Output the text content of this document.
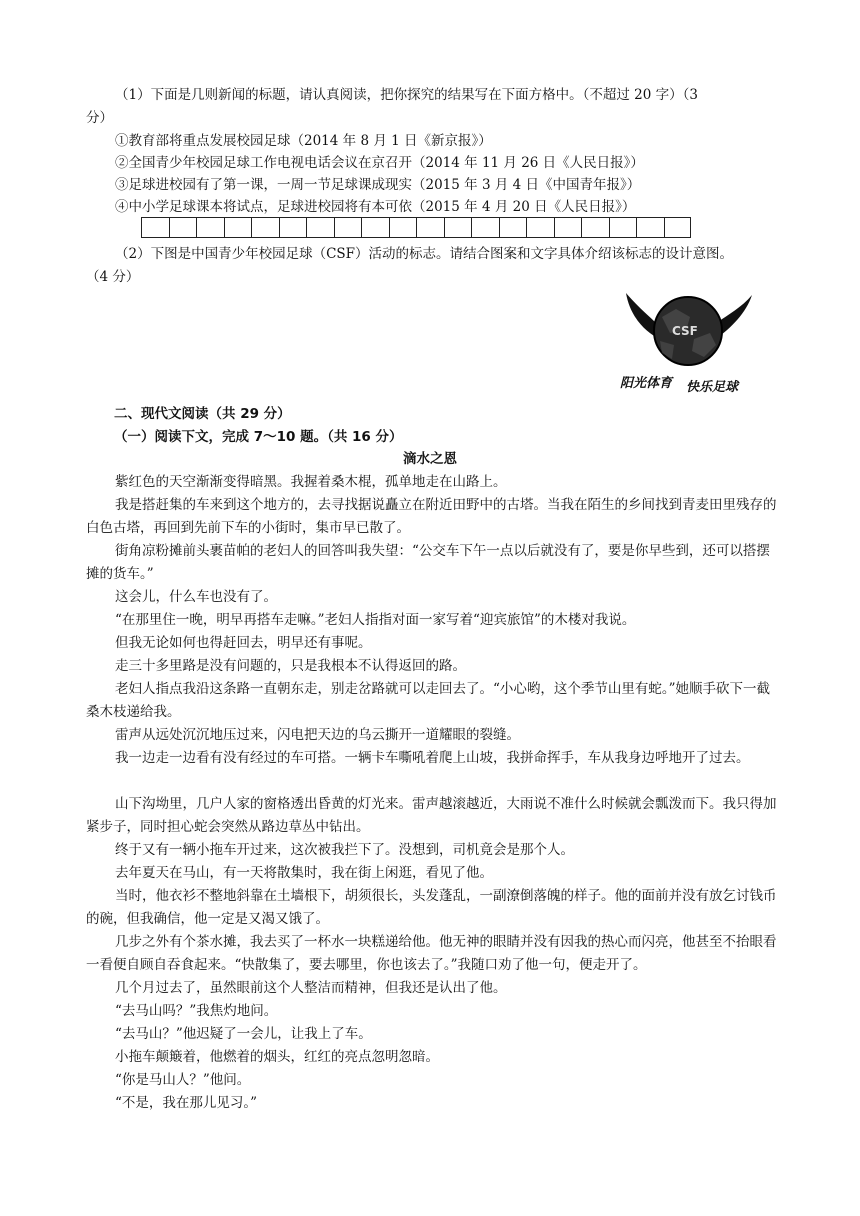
（1）下面是几则新闻的标题，请认真阅读，把你探究的结果写在下面方格中。（不超过 20 字）（3

分）

①教育部将重点发展校园足球（2014 年 8 月 1 日《新京报》）

②全国青少年校园足球工作电视电话会议在京召开（2014 年 11 月 26 日《人民日报》）

③足球进校园有了第一课，一周一节足球课成现实（2015 年 3 月 4 日《中国青年报》）

④中小学足球课本将试点，足球进校园将有本可依（2015 年 4 月 20 日《人民日报》）

（2）下图是中国青少年校园足球（CSF）活动的标志。请结合图案和文字具体介绍该标志的设计意图。

（4 分）

CSF
阳光体育 快乐足球

二、现代文阅读（共 29 分）

（一）阅读下文，完成 7～10 题。（共 16 分）

滴水之恩

紫红色的天空渐渐变得暗黑。我握着桑木棍，孤单地走在山路上。

我是搭赶集的车来到这个地方的，去寻找据说矗立在附近田野中的古塔。当我在陌生的乡间找到青麦田里残存的白色古塔，再回到先前下车的小街时，集市早已散了。

街角凉粉摊前头裹苗帕的老妇人的回答叫我失望：“公交车下午一点以后就没有了，要是你早些到，还可以搭摆摊的货车。”

这会儿，什么车也没有了。

“在那里住一晚，明早再搭车走嘛。”老妇人指指对面一家写着“迎宾旅馆”的木楼对我说。

但我无论如何也得赶回去，明早还有事呢。

走三十多里路是没有问题的，只是我根本不认得返回的路。

老妇人指点我沿这条路一直朝东走，别走岔路就可以走回去了。“小心哟，这个季节山里有蛇。”她顺手砍下一截桑木枝递给我。

雷声从远处沉沉地压过来，闪电把天边的乌云撕开一道耀眼的裂缝。

我一边走一边看有没有经过的车可搭。一辆卡车嘶吼着爬上山坡，我拼命挥手，车从我身边呼地开了过去。

山下沟坳里，几户人家的窗格透出昏黄的灯光来。雷声越滚越近，大雨说不准什么时候就会瓢泼而下。我只得加紧步子，同时担心蛇会突然从路边草丛中钻出。

终于又有一辆小拖车开过来，这次被我拦下了。没想到，司机竟会是那个人。

去年夏天在马山，有一天将散集时，我在街上闲逛，看见了他。

当时，他衣衫不整地斜靠在土墙根下，胡须很长，头发蓬乱，一副潦倒落魄的样子。他的面前并没有放乞讨钱币的碗，但我确信，他一定是又渴又饿了。

几步之外有个茶水摊，我去买了一杯水一块糕递给他。他无神的眼睛并没有因我的热心而闪亮，他甚至不抬眼看一看便自顾自吞食起来。“快散集了，要去哪里，你也该去了。”我随口劝了他一句，便走开了。

几个月过去了，虽然眼前这个人整洁而精神，但我还是认出了他。

“去马山吗？”我焦灼地问。

“去马山？”他迟疑了一会儿，让我上了车。

小拖车颠簸着，他燃着的烟头，红红的亮点忽明忽暗。

“你是马山人？”他问。

“不是，我在那儿见习。”
